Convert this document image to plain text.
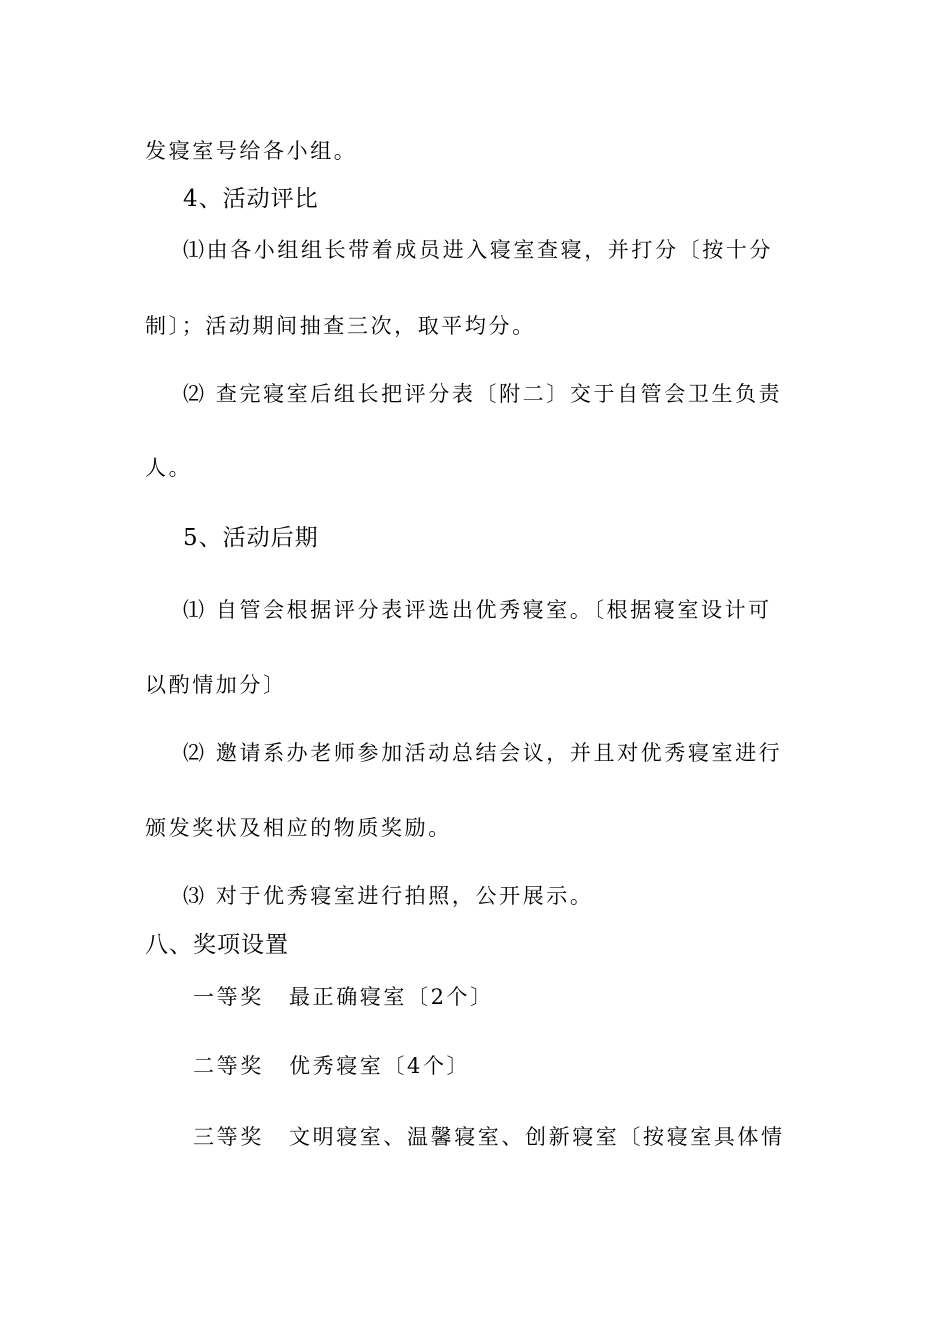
发寝室号给各小组。
4、活动评比
⑴由各小组组长带着成员进入寝室查寝，并打分〔按十分
制〕；活动期间抽查三次，取平均分。
⑵ 查完寝室后组长把评分表〔附二〕交于自管会卫生负责
人。
5、活动后期
⑴ 自管会根据评分表评选出优秀寝室。〔根据寝室设计可
以酌情加分〕
⑵ 邀请系办老师参加活动总结会议，并且对优秀寝室进行
颁发奖状及相应的物质奖励。
⑶ 对于优秀寝室进行拍照，公开展示。
八、奖项设置
一等奖 最正确寝室〔2个〕
二等奖 优秀寝室〔4个〕
三等奖 文明寝室、温馨寝室、创新寝室〔按寝室具体情
